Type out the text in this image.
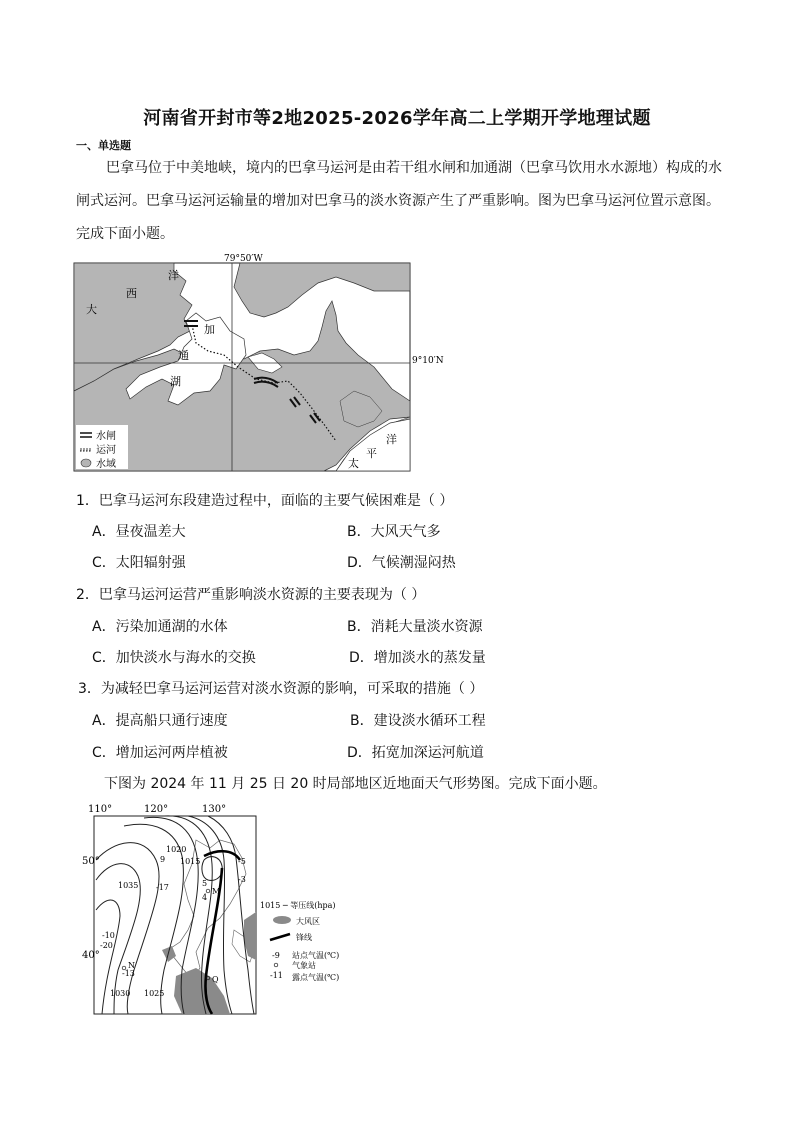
河南省开封市等2地2025-2026学年高二上学期开学地理试题
一、单选题
巴拿马位于中美地峡，境内的巴拿马运河是由若干组水闸和加通湖（巴拿马饮用水水源地）构成的水
闸式运河。巴拿马运河运输量的增加对巴拿马的淡水资源产生了严重影响。图为巴拿马运河位置示意图。
完成下面小题。
79°50′W
9°10′N
大
西
洋
加
通
湖
太
平
洋
水闸
运河
水域
1．巴拿马运河东段建造过程中，面临的主要气候困难是（ ）
A．昼夜温差大	B．大风天气多
C．太阳辐射强	D．气候潮湿闷热
2．巴拿马运河运营严重影响淡水资源的主要表现为（ ）
A．污染加通湖的水体	B．消耗大量淡水资源
C．加快淡水与海水的交换	D．增加淡水的蒸发量
3．为减轻巴拿马运河运营对淡水资源的影响，可采取的措施（ ）
A．提高船只通行速度	B．建设淡水循环工程
C．增加运河两岸植被	D．拓宽加深运河航道
下图为 2024 年 11 月 25 日 20 时局部地区近地面天气形势图。完成下面小题。
110°	120°	130°
50°
40°
1020
1015
1035
1030 1025
9
-17
-10
-20
-5
-3
5
4
-13
M
N
Q
1015 ─ 等压线(hpa)
大风区
锋线
-9 站点气温(℃)
气象站
-11 露点气温(℃)
